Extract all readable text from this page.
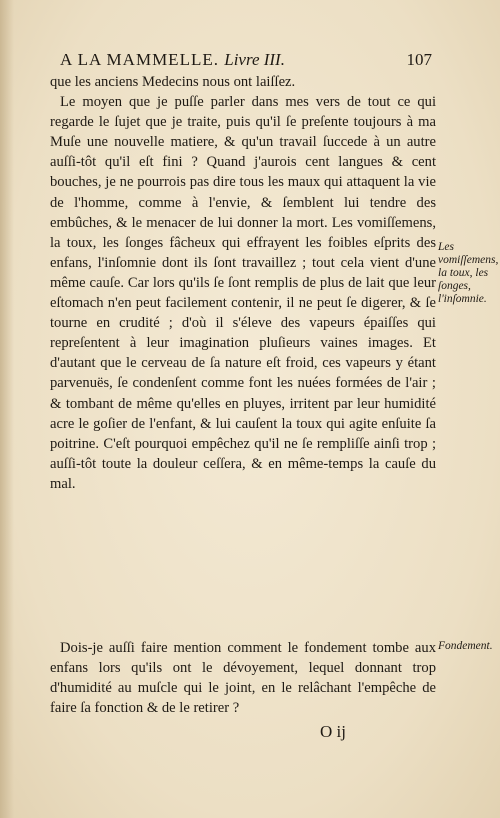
A LA MAMMELLE. Livre III.	107

que les anciens Medecins nous ont laiſſez.

Le moyen que je puſſe parler dans mes vers de tout ce qui regarde le ſujet que je traite, puis qu'il ſe preſente toujours à ma Muſe une nouvelle matiere, & qu'un travail ſuccede à un autre auſſi-tôt qu'il eſt fini ? Quand j'aurois cent langues & cent bouches, je ne pourrois pas dire tous les maux qui attaquent la vie de l'homme, comme à l'envie, & ſemblent lui tendre des embûches, & le menacer de lui donner la mort. Les vomiſſemens, la toux, les ſonges fâcheux qui effrayent les foibles eſprits des enfans, l'inſomnie dont ils ſont travaillez ; tout cela vient d'une même cauſe. Car lors qu'ils ſe ſont remplis de plus de lait que leur eſtomach n'en peut facilement contenir, il ne peut ſe digerer, & ſe tourne en crudité ; d'où il s'éleve des vapeurs épaiſſes qui repreſentent à leur imagination pluſieurs vaines images. Et d'autant que le cerveau de ſa nature eſt froid, ces vapeurs y étant parvenuës, ſe condenſent comme font les nuées formées de l'air ; & tombant de même qu'elles en pluyes, irritent par leur humidité acre le goſier de l'enfant, & lui cauſent la toux qui agite enſuite ſa poitrine. C'eſt pourquoi empêchez qu'il ne ſe rempliſſe ainſi trop ; auſſi-tôt toute la douleur ceſſera, & en même-temps la cauſe du mal.

Dois-je auſſi faire mention comment le fondement tombe aux enfans lors qu'ils ont le dévoyement, lequel donnant trop d'humidité au muſcle qui le joint, en le relâchant l'empêche de faire ſa fonction & de le retirer ?

Les vomiſſemens, la toux, les ſonges, l'inſomnie.
Fondement.
O ij
